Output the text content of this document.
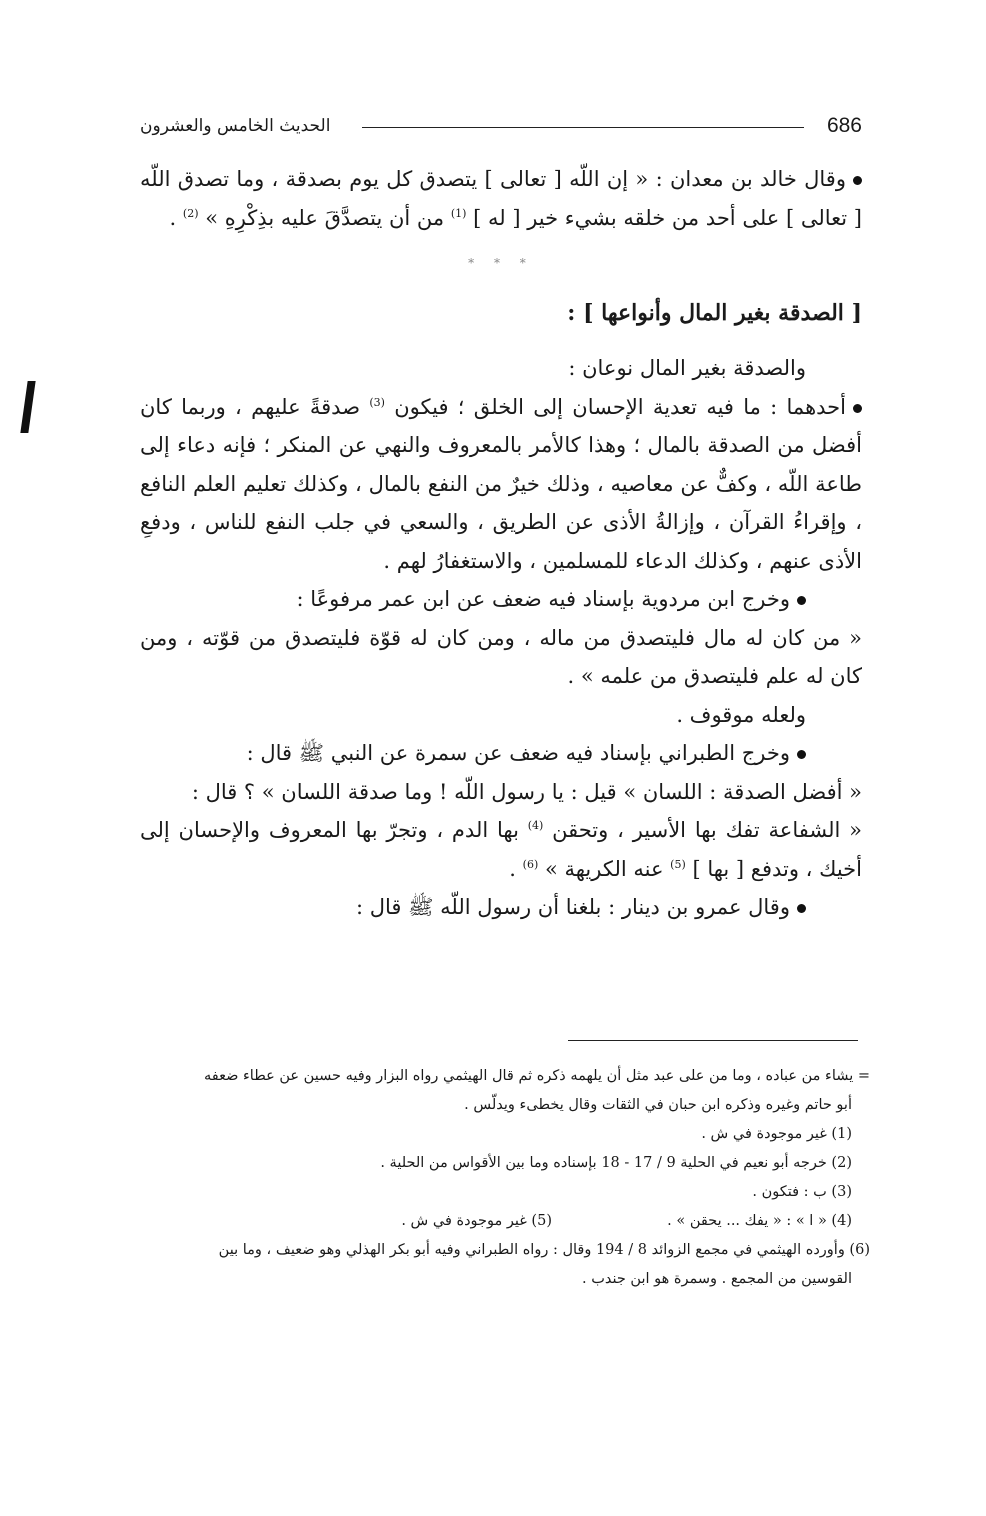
686
الحديث الخامس والعشرون

وقال خالد بن معدان : « إن اللّه [ تعالى ] يتصدق كل يوم بصدقة ، وما تصدق اللّه [ تعالى ] على أحد من خلقه بشيء خير [ له ] $^{(1)}$ من أن يتصدَّقَ عليه بذِكْرِهِ » $^{(2)}$ .

* * *
[ الصدقة بغير المال وأنواعها ] :

والصدقة بغير المال نوعان :

أحدهما : ما فيه تعدية الإحسان إلى الخلق ؛ فيكون $^{(3)}$ صدقةً عليهم ، وربما كان أفضل من الصدقة بالمال ؛ وهذا كالأمر بالمعروف والنهي عن المنكر ؛ فإنه دعاء إلى طاعة اللّه ، وكفٌّ عن معاصيه ، وذلك خيرٌ من النفع بالمال ، وكذلك تعليم العلم النافع ، وإقراءُ القرآن ، وإزالةُ الأذى عن الطريق ، والسعي في جلب النفع للناس ، ودفعِ الأذى عنهم ، وكذلك الدعاء للمسلمين ، والاستغفارُ لهم .

وخرج ابن مردوية بإسناد فيه ضعف عن ابن عمر مرفوعًا :

« من كان له مال فليتصدق من ماله ، ومن كان له قوّة فليتصدق من قوّته ، ومن كان له علم فليتصدق من علمه » .

ولعله موقوف .

وخرج الطبراني بإسناد فيه ضعف عن سمرة عن النبي ﷺ قال :

« أفضل الصدقة : اللسان » قيل : يا رسول اللّه ! وما صدقة اللسان » ؟ قال :

« الشفاعة تفك بها الأسير ، وتحقن $^{(4)}$ بها الدم ، وتجرّ بها المعروف والإحسان إلى أخيك ، وتدفع [ بها ] $^{(5)}$ عنه الكريهة » $^{(6)}$ .

وقال عمرو بن دينار : بلغنا أن رسول اللّه ﷺ قال :

= يشاء من عباده ، وما من على عبد مثل أن يلهمه ذكره ثم قال الهيثمي رواه البزار وفيه حسين عن عطاء ضعفه

أبو حاتم وغيره وذكره ابن حبان في الثقات وقال يخطىء ويدلّس .

(1) غير موجودة في ش .

(2) خرجه أبو نعيم في الحلية 9 / 17 - 18 بإسناده وما بين الأقواس من الحلية .

(3) ب : فتكون .

(4) « ا » : « يفك ... يحقن » .
(5) غير موجودة في ش .

(6) وأورده الهيثمي في مجمع الزوائد 8 / 194 وقال : رواه الطبراني وفيه أبو بكر الهذلي وهو ضعيف ، وما بين

القوسين من المجمع . وسمرة هو ابن جندب .
